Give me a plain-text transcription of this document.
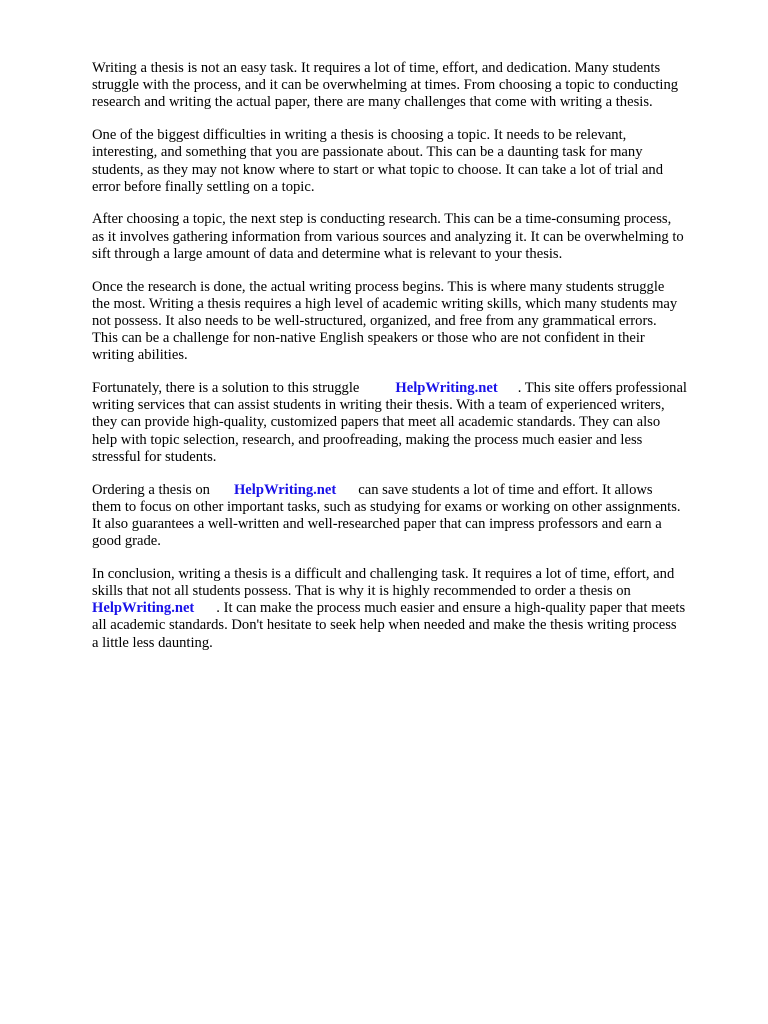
Writing a thesis is not an easy task. It requires a lot of time, effort, and dedication. Many students
struggle with the process, and it can be overwhelming at times. From choosing a topic to conducting
research and writing the actual paper, there are many challenges that come with writing a thesis.

One of the biggest difficulties in writing a thesis is choosing a topic. It needs to be relevant,
interesting, and something that you are passionate about. This can be a daunting task for many
students, as they may not know where to start or what topic to choose. It can take a lot of trial and
error before finally settling on a topic.

After choosing a topic, the next step is conducting research. This can be a time-consuming process,
as it involves gathering information from various sources and analyzing it. It can be overwhelming to
sift through a large amount of data and determine what is relevant to your thesis.

Once the research is done, the actual writing process begins. This is where many students struggle
the most. Writing a thesis requires a high level of academic writing skills, which many students may
not possess. It also needs to be well-structured, organized, and free from any grammatical errors.
This can be a challenge for non-native English speakers or those who are not confident in their
writing abilities.

Fortunately, there is a solution to this struggle HelpWriting.net . This site offers professional
writing services that can assist students in writing their thesis. With a team of experienced writers,
they can provide high-quality, customized papers that meet all academic standards. They can also
help with topic selection, research, and proofreading, making the process much easier and less
stressful for students.

Ordering a thesis on HelpWriting.net can save students a lot of time and effort. It allows
them to focus on other important tasks, such as studying for exams or working on other assignments.
It also guarantees a well-written and well-researched paper that can impress professors and earn a
good grade.

In conclusion, writing a thesis is a difficult and challenging task. It requires a lot of time, effort, and
skills that not all students possess. That is why it is highly recommended to order a thesis on
HelpWriting.net . It can make the process much easier and ensure a high-quality paper that meets
all academic standards. Don't hesitate to seek help when needed and make the thesis writing process
a little less daunting.
